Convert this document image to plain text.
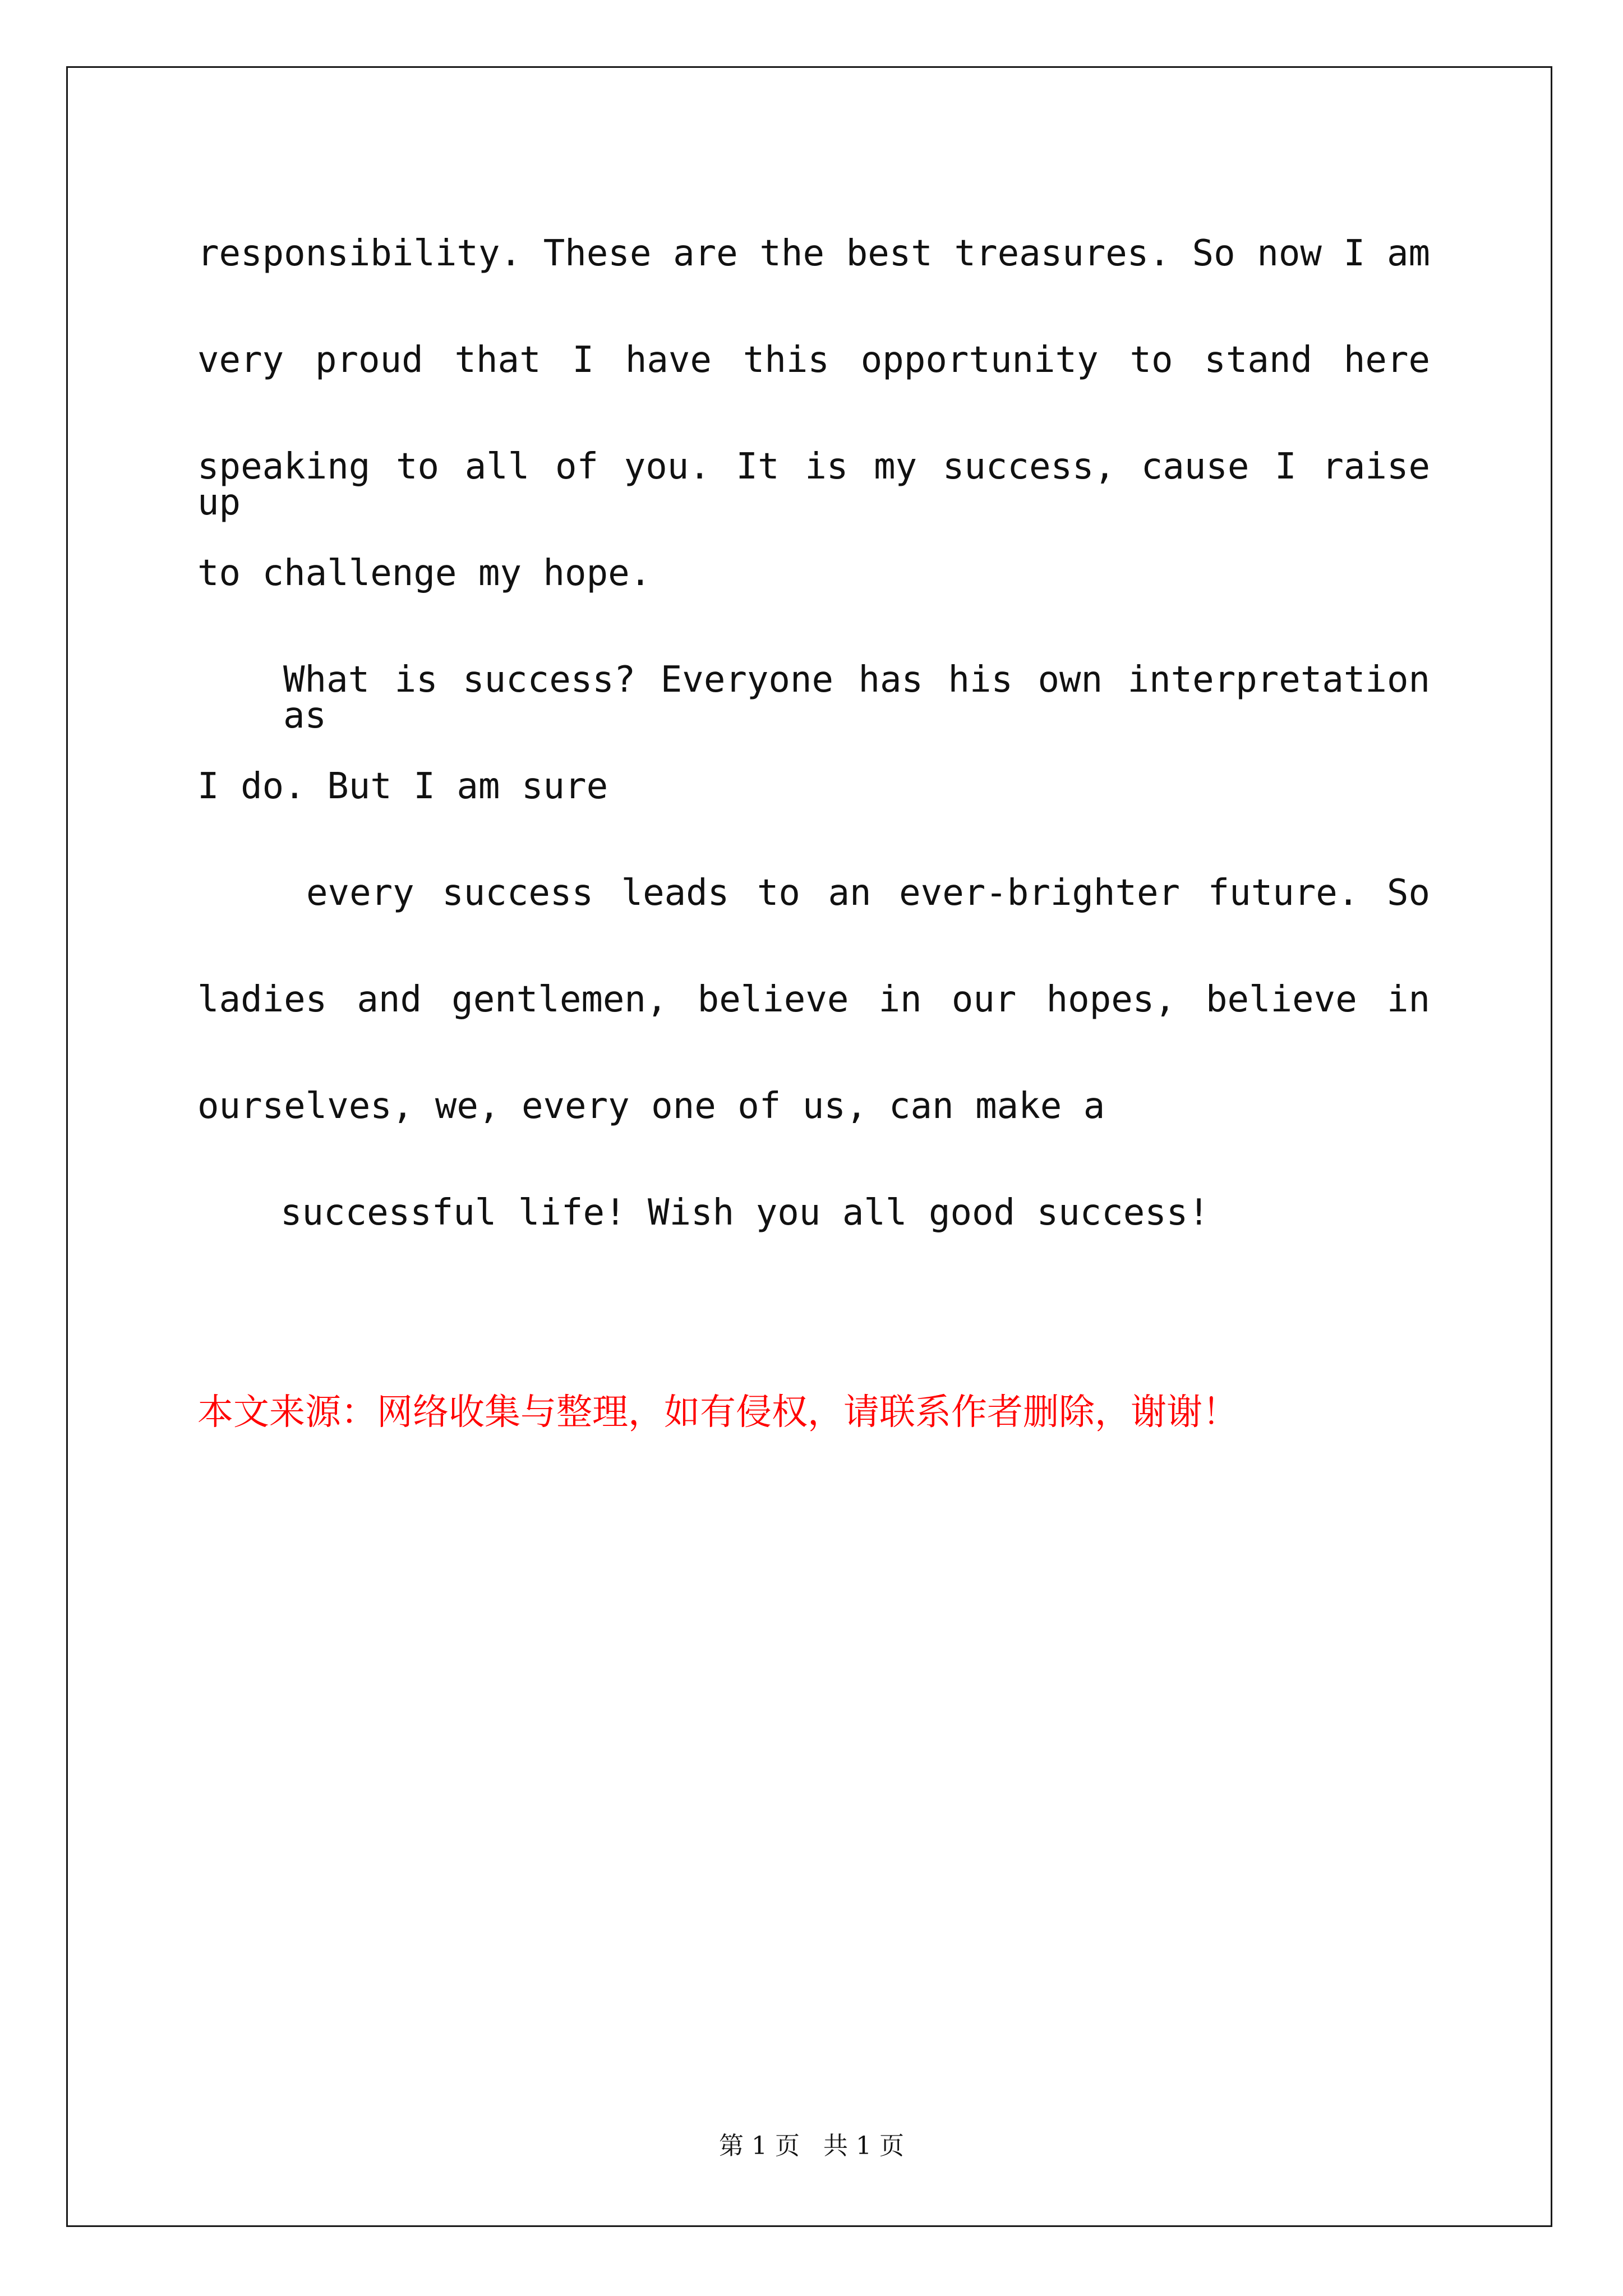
responsibility. These are the best treasures. So now I am
very proud that I have this opportunity to stand here
speaking to all of you. It is my success, cause I raise up
to challenge my hope.
What is success? Everyone has his own interpretation as
I do. But I am sure
every success leads to an ever-brighter future. So
ladies and gentlemen, believe in our hopes, believe in
ourselves, we, every one of us, can make a
successful life! Wish you all good success!
本文来源：网络收集与整理，如有侵权，请联系作者删除，谢谢！
第 1 页 共 1 页
